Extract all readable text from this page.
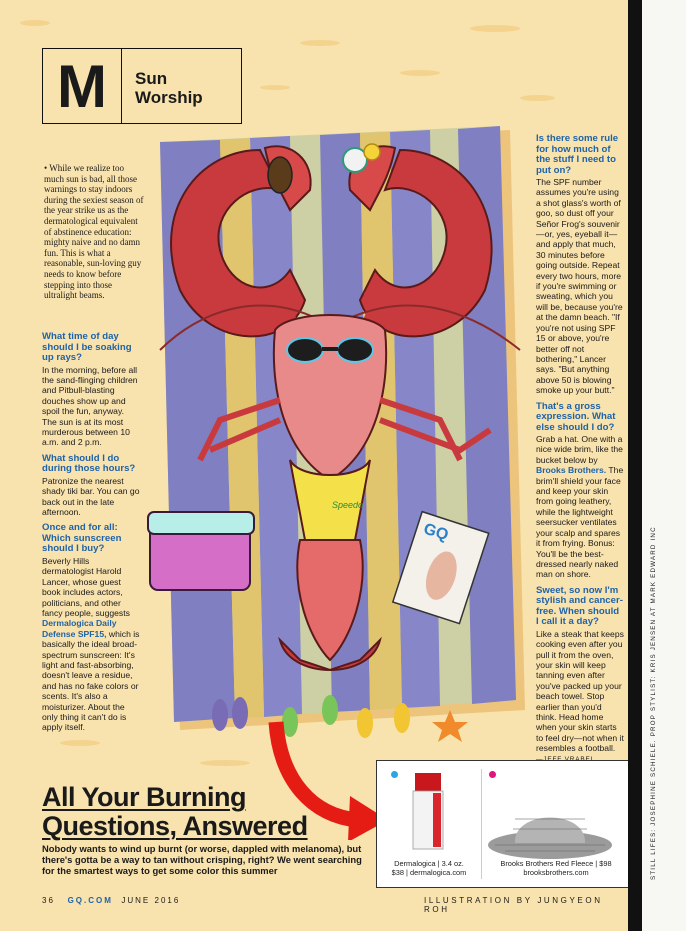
M	Sun Worship

• While we realize too much sun is bad, all those warnings to stay indoors during the sexiest season of the year strike us as the dermatological equivalent of abstinence education: mighty naive and no damn fun. This is what a reasonable, sun-loving guy needs to know before stepping into those ultralight beams.

What time of day should I be soaking up rays?

In the morning, before all the sand-flinging children and Pitbull-blasting douches show up and spoil the fun, anyway. The sun is at its most murderous between 10 a.m. and 2 p.m.

What should I do during those hours?

Patronize the nearest shady tiki bar. You can go back out in the late afternoon.

Once and for all: Which sunscreen should I buy?

Beverly Hills dermatologist Harold Lancer, whose guest book includes actors, politicians, and other fancy people, suggests Dermalogica Daily Defense SPF15, which is basically the ideal broad-spectrum sunscreen: It's light and fast-absorbing, doesn't leave a residue, and has no fake colors or scents. It's also a moisturizer. About the only thing it can't do is apply itself.

Is there some rule for how much of the stuff I need to put on?

The SPF number assumes you're using a shot glass's worth of goo, so dust off your Señor Frog's souvenir—or, yes, eyeball it—and apply that much, 30 minutes before going outside. Repeat every two hours, more if you're swimming or sweating, which you will be, because you're at the damn beach. "If you're not using SPF 15 or above, you're better off not bothering," Lancer says. "But anything above 50 is blowing smoke up your butt."

That's a gross expression. What else should I do?

Grab a hat. One with a nice wide brim, like the bucket below by Brooks Brothers. The brim'll shield your face and keep your skin from going leathery, while the lightweight seersucker ventilates your scalp and spares it from frying. Bonus: You'll be the best-dressed nearly naked man on shore.

Sweet, so now I'm stylish and cancer-free. When should I call it a day?

Like a steak that keeps cooking even after you pull it from the oven, your skin will keep tanning even after you've packed up your beach towel. Stop earlier than you'd think. Head home when your skin starts to feel dry—not when it resembles a football.

Speedo
GQ
All Your Burning
Questions, Answered
Nobody wants to wind up burnt (or worse, dappled with melanoma), but there's gotta be a way to tan without crisping, right? We went searching for the smartest ways to get some color this summer
Dermalogica | 3.4 oz.
$38 | dermalogica.com
Brooks Brothers Red Fleece | $98
brooksbrothers.com
36 GQ.COM JUNE 2016	ILLUSTRATION BY JUNGYEON ROH
STILL LIFES: JOSEPHINE SCHIELE. PROP STYLIST: KRIS JENSEN AT MARK EDWARD INC
